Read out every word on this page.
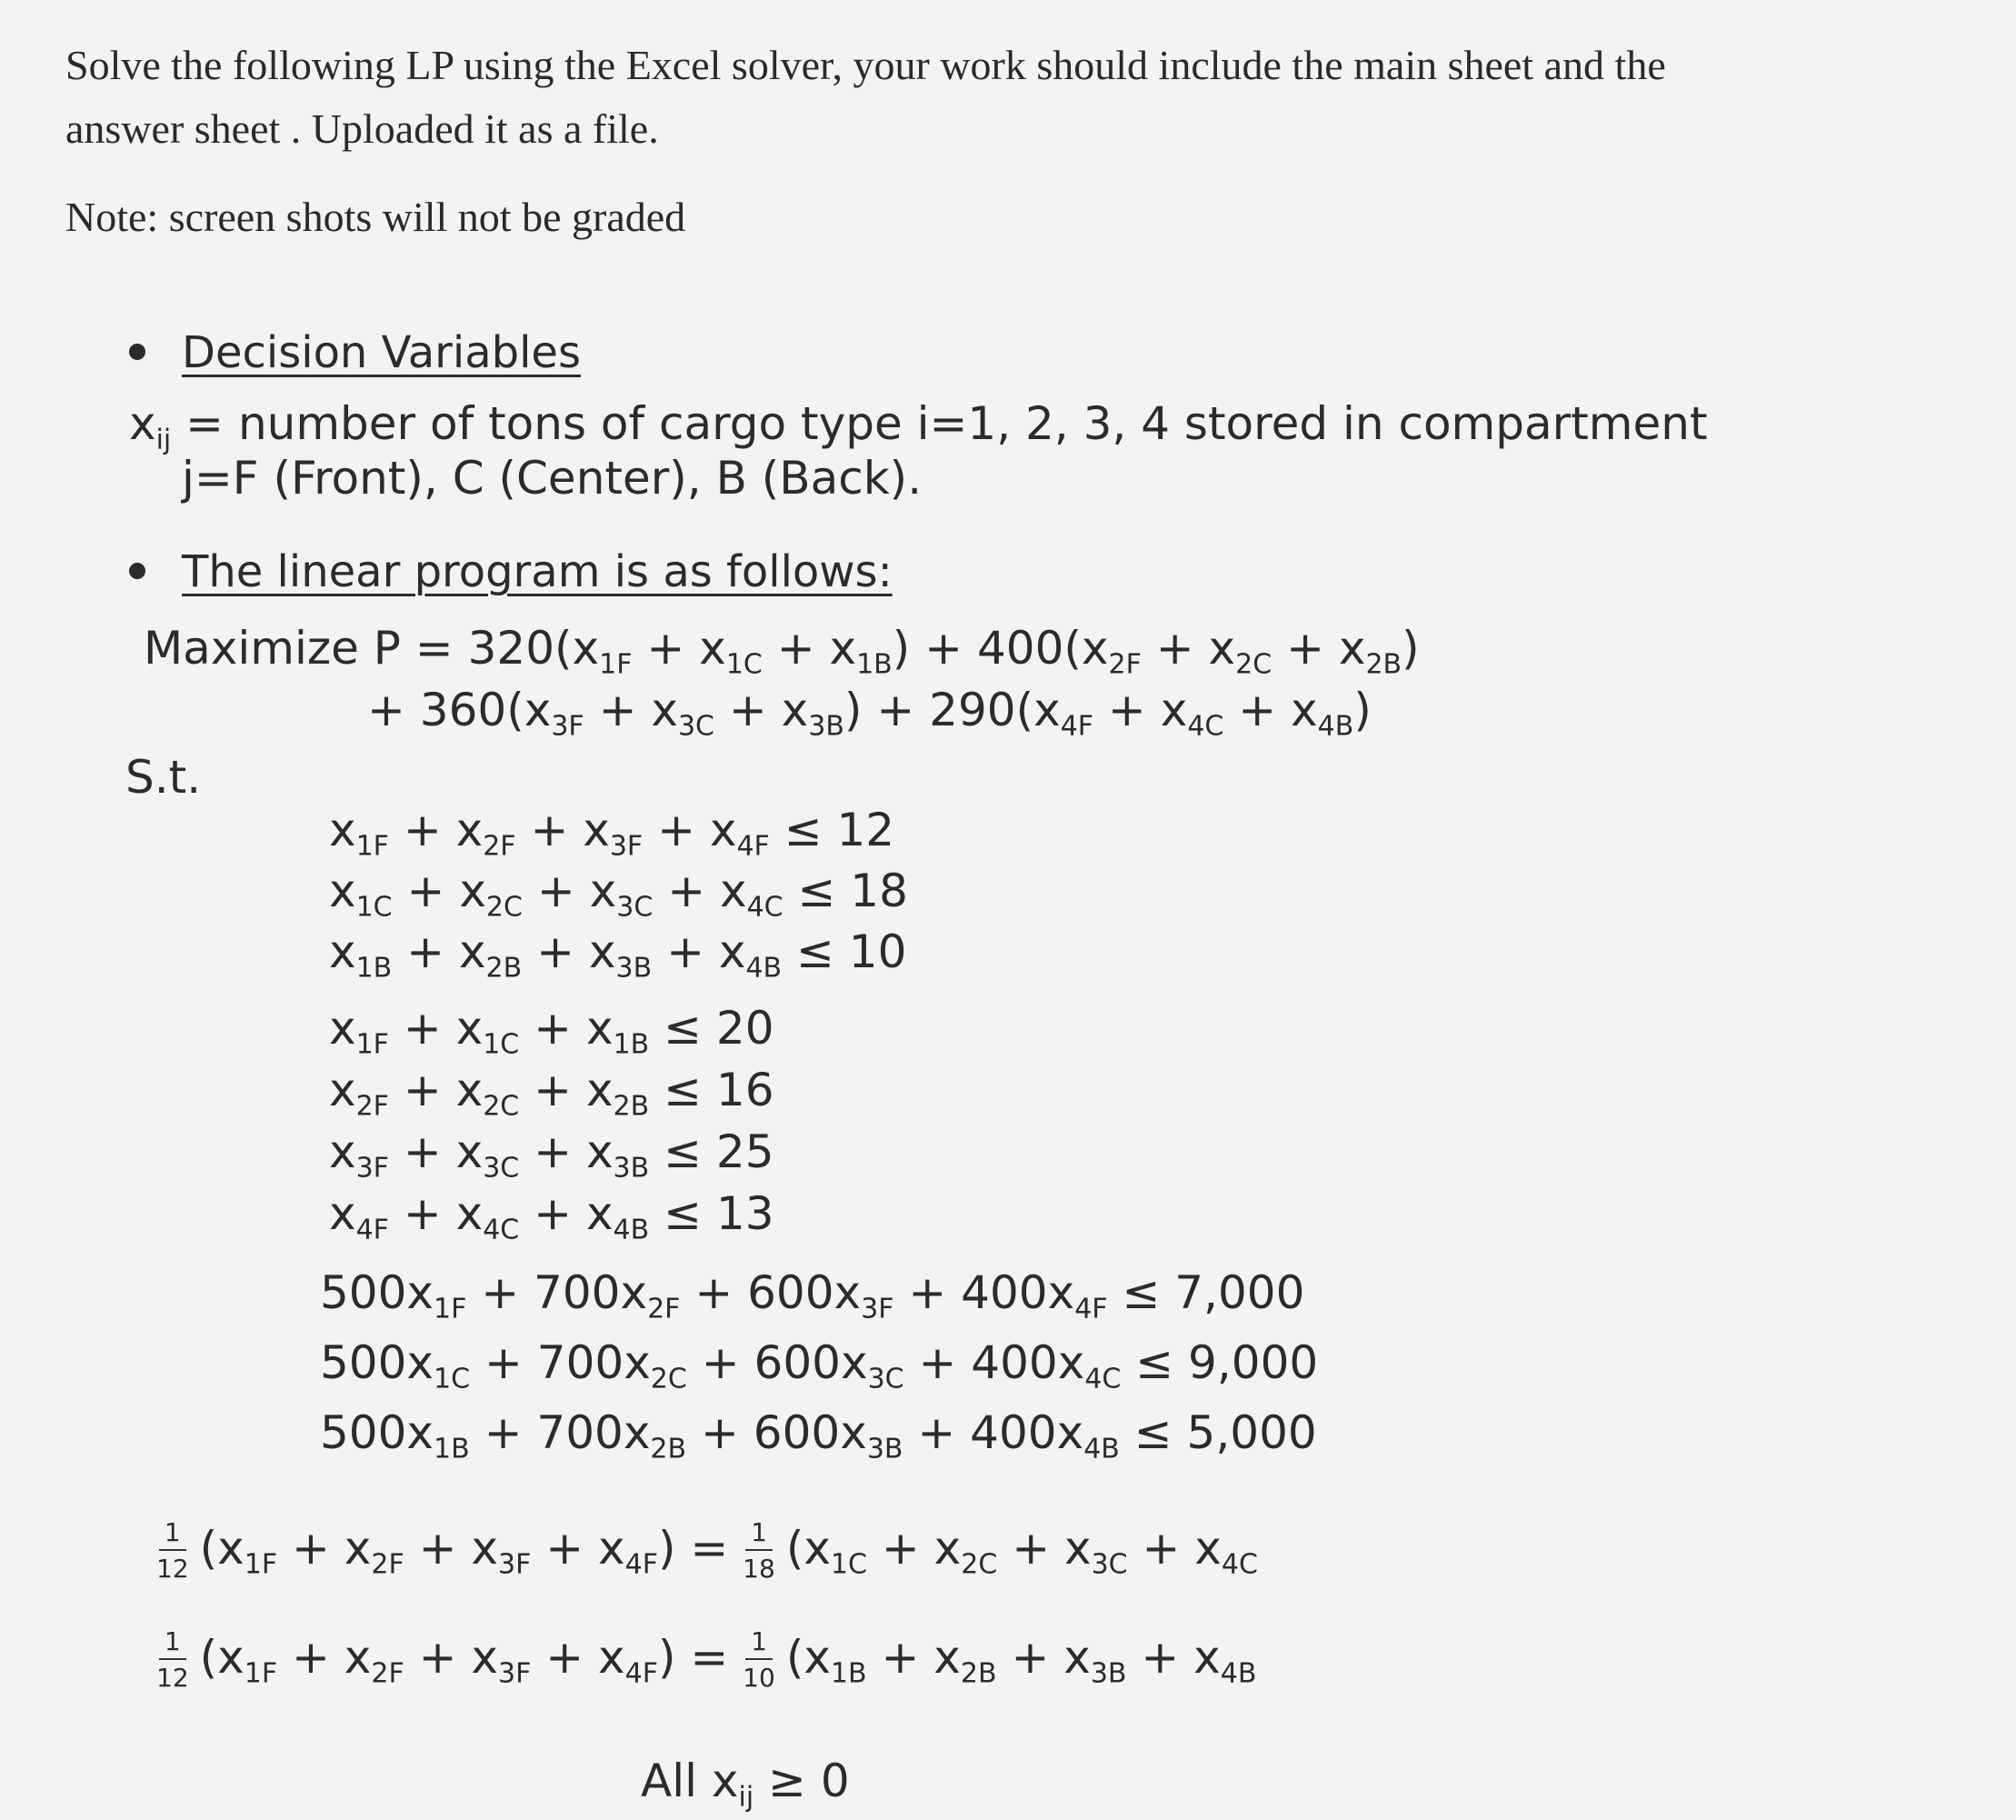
Solve the following LP using the Excel solver, your work should include the main sheet and the
answer sheet . Uploaded it as a file.
Note: screen shots will not be graded
Decision Variables
$x_{ij}$ = number of tons of cargo type i=1, 2, 3, 4 stored in compartment
j=F (Front), C (Center), B (Back).
The linear program is as follows:
Maximize $P = 320(x_{1F} + x_{1C} + x_{1B}) + 400(x_{2F} + x_{2C} + x_{2B})$
+ $360(x_{3F} + x_{3C} + x_{3B}) + 290(x_{4F} + x_{4C} + x_{4B})$
S.t.
$x_{1F} + x_{2F} + x_{3F} + x_{4F} \le 12$
$x_{1C} + x_{2C} + x_{3C} + x_{4C} \le 18$
$x_{1B} + x_{2B} + x_{3B} + x_{4B} \le 10$
$x_{1F} + x_{1C} + x_{1B} \le 20$
$x_{2F} + x_{2C} + x_{2B} \le 16$
$x_{3F} + x_{3C} + x_{3B} \le 25$
$x_{4F} + x_{4C} + x_{4B} \le 13$
$500x_{1F} + 700x_{2F} + 600x_{3F} + 400x_{4F} \le 7,000$
$500x_{1C} + 700x_{2C} + 600x_{3C} + 400x_{4C} \le 9,000$
$500x_{1B} + 700x_{2B} + 600x_{3B} + 400x_{4B} \le 5,000$
$\frac{1}{12} (x_{1F} + x_{2F} + x_{3F} + x_{4F}) = \frac{1}{18} (x_{1C} + x_{2C} + x_{3C} + x_{4C}$
$\frac{1}{12} (x_{1F} + x_{2F} + x_{3F} + x_{4F}) = \frac{1}{10} (x_{1B} + x_{2B} + x_{3B} + x_{4B}$
All $x_{ij} \ge 0$
